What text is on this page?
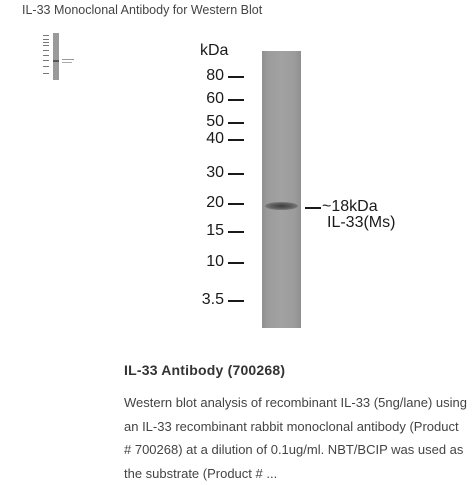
IL-33 Monoclonal Antibody for Western Blot
kDa
80
60
50
40
30
20
15
10
3.5
~18kDa
IL-33(Ms)
IL-33 Antibody (700268)

Western blot analysis of recombinant IL-33 (5ng/lane) using an IL-33 recombinant rabbit monoclonal antibody (Product # 700268) at a dilution of 0.1ug/ml. NBT/BCIP was used as the substrate (Product # ...
